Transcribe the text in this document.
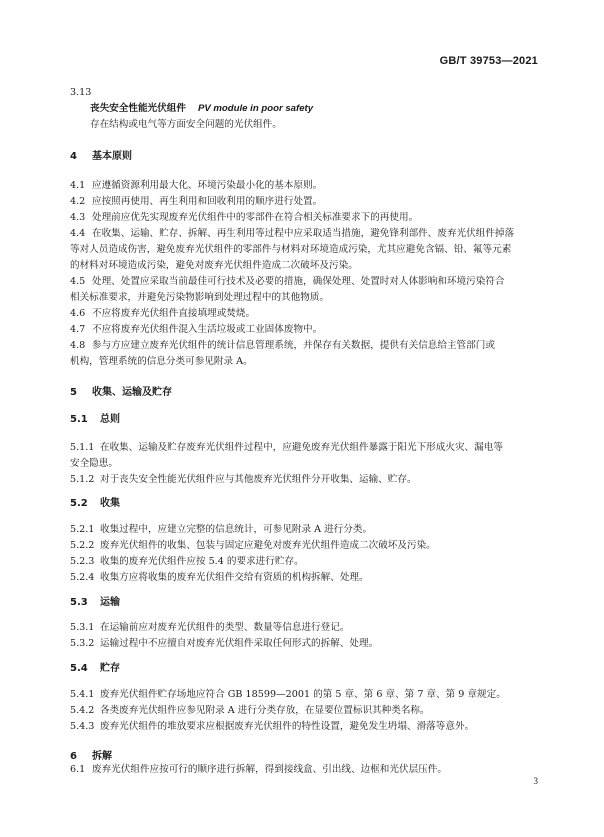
GB/T 39753—2021
3.13
丧失安全性能光伏组件 PV module in poor safety
存在结构或电气等方面安全问题的光伏组件。
4 基本原则
4.1 应遵循资源利用最大化、环境污染最小化的基本原则。
4.2 应按照再使用、再生利用和回收利用的顺序进行处置。
4.3 处理前应优先实现废弃光伏组件中的零部件在符合相关标准要求下的再使用。
4.4 在收集、运输、贮存、拆解、再生利用等过程中应采取适当措施，避免锋利部件、废弃光伏组件掉落
等对人员造成伤害，避免废弃光伏组件的零部件与材料对环境造成污染，尤其应避免含镉、铅、氟等元素
的材料对环境造成污染，避免对废弃光伏组件造成二次破坏及污染。
4.5 处理、处置应采取当前最佳可行技术及必要的措施，确保处理、处置时对人体影响和环境污染符合
相关标准要求，并避免污染物影响到处理过程中的其他物质。
4.6 不应将废弃光伏组件直接填埋或焚烧。
4.7 不应将废弃光伏组件混入生活垃圾或工业固体废物中。
4.8 参与方应建立废弃光伏组件的统计信息管理系统，并保存有关数据，提供有关信息给主管部门或
机构，管理系统的信息分类可参见附录 A。
5 收集、运输及贮存
5.1 总则
5.1.1 在收集、运输及贮存废弃光伏组件过程中，应避免废弃光伏组件暴露于阳光下形成火灾、漏电等
安全隐患。
5.1.2 对于丧失安全性能光伏组件应与其他废弃光伏组件分开收集、运输、贮存。
5.2 收集
5.2.1 收集过程中，应建立完整的信息统计，可参见附录 A 进行分类。
5.2.2 废弃光伏组件的收集、包装与固定应避免对废弃光伏组件造成二次破坏及污染。
5.2.3 收集的废弃光伏组件应按 5.4 的要求进行贮存。
5.2.4 收集方应将收集的废弃光伏组件交给有资质的机构拆解、处理。
5.3 运输
5.3.1 在运输前应对废弃光伏组件的类型、数量等信息进行登记。
5.3.2 运输过程中不应擅自对废弃光伏组件采取任何形式的拆解、处理。
5.4 贮存
5.4.1 废弃光伏组件贮存场地应符合 GB 18599—2001 的第 5 章、第 6 章、第 7 章、第 9 章规定。
5.4.2 各类废弃光伏组件应参见附录 A 进行分类存放，在显要位置标识其种类名称。
5.4.3 废弃光伏组件的堆放要求应根据废弃光伏组件的特性设置，避免发生坍塌、滑落等意外。
6 拆解
6.1 废弃光伏组件应按可行的顺序进行拆解，得到接线盒、引出线、边框和光伏层压件。
3
